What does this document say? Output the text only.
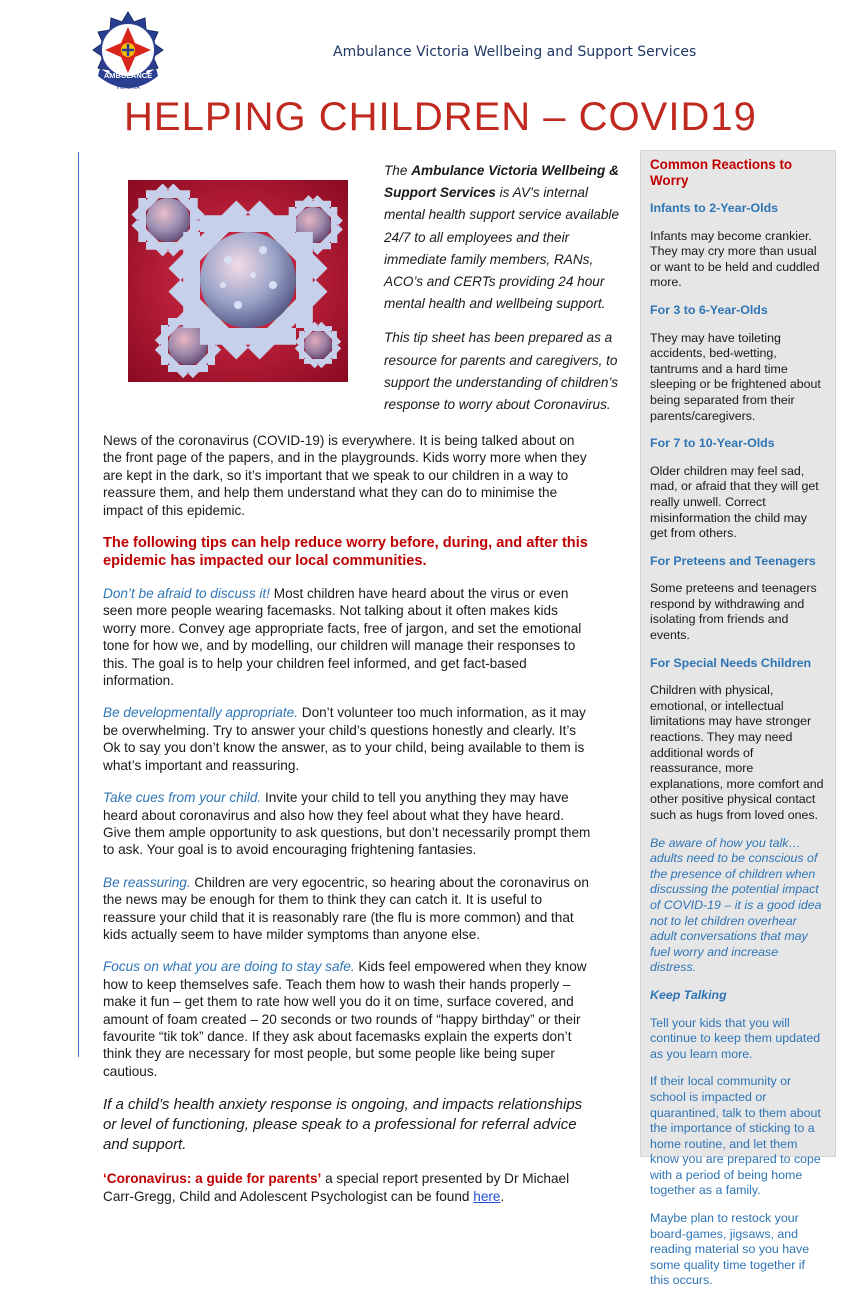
AMBULANCE
VICTORIA
Ambulance Victoria Wellbeing and Support Services
HELPING CHILDREN – COVID19

The Ambulance Victoria Wellbeing & Support Services is AV’s internal mental health support service available 24/7 to all employees and their immediate family members, RANs, ACO’s and CERTs providing 24 hour mental health and wellbeing support.

This tip sheet has been prepared as a resource for parents and caregivers, to support the understanding of children’s response to worry about Coronavirus.

News of the coronavirus (COVID-19) is everywhere. It is being talked about on the front page of the papers, and in the playgrounds. Kids worry more when they are kept in the dark, so it’s important that we speak to our children in a way to reassure them, and help them understand what they can do to minimise the impact of this epidemic.

The following tips can help reduce worry before, during, and after this epidemic has impacted our local communities.

Don’t be afraid to discuss it! Most children have heard about the virus or even seen more people wearing facemasks. Not talking about it often makes kids worry more. Convey age appropriate facts, free of jargon, and set the emotional tone for how we, and by modelling, our children will manage their responses to this. The goal is to help your children feel informed, and get fact-based information.

Be developmentally appropriate. Don’t volunteer too much information, as it may be overwhelming. Try to answer your child’s questions honestly and clearly. It’s Ok to say you don’t know the answer, as to your child, being available to them is what’s important and reassuring.

Take cues from your child. Invite your child to tell you anything they may have heard about coronavirus and also how they feel about what they have heard. Give them ample opportunity to ask questions, but don’t necessarily prompt them to ask. Your goal is to avoid encouraging frightening fantasies.

Be reassuring. Children are very egocentric, so hearing about the coronavirus on the news may be enough for them to think they can catch it. It is useful to reassure your child that it is reasonably rare (the flu is more common) and that kids actually seem to have milder symptoms than anyone else.

Focus on what you are doing to stay safe. Kids feel empowered when they know how to keep themselves safe. Teach them how to wash their hands properly – make it fun – get them to rate how well you do it on time, surface covered, and amount of foam created – 20 seconds or two rounds of “happy birthday” or their favourite “tik tok” dance. If they ask about facemasks explain the experts don’t think they are necessary for most people, but some people like being super cautious.

If a child’s health anxiety response is ongoing, and impacts relationships or level of functioning, please speak to a professional for referral advice and support.

‘Coronavirus: a guide for parents’ a special report presented by Dr Michael Carr-Gregg, Child and Adolescent Psychologist can be found here.

Common Reactions to Worry

Infants to 2-Year-Olds

Infants may become crankier. They may cry more than usual or want to be held and cuddled more.

For 3 to 6-Year-Olds

They may have toileting accidents, bed-wetting, tantrums and a hard time sleeping or be frightened about being separated from their parents/caregivers.

For 7 to 10-Year-Olds

Older children may feel sad, mad, or afraid that they will get really unwell. Correct misinformation the child may get from others.

For Preteens and Teenagers

Some preteens and teenagers respond by withdrawing and isolating from friends and events.

For Special Needs Children

Children with physical, emotional, or intellectual limitations may have stronger reactions. They may need additional words of reassurance, more explanations, more comfort and other positive physical contact such as hugs from loved ones.

Be aware of how you talk… adults need to be conscious of the presence of children when discussing the potential impact of COVID-19 – it is a good idea not to let children overhear adult conversations that may fuel worry and increase distress.

Keep Talking

Tell your kids that you will continue to keep them updated as you learn more.

If their local community or school is impacted or quarantined, talk to them about the importance of sticking to a home routine, and let them know you are prepared to cope with a period of being home together as a family.

Maybe plan to restock your board-games, jigsaws, and reading material so you have some quality time together if this occurs.
